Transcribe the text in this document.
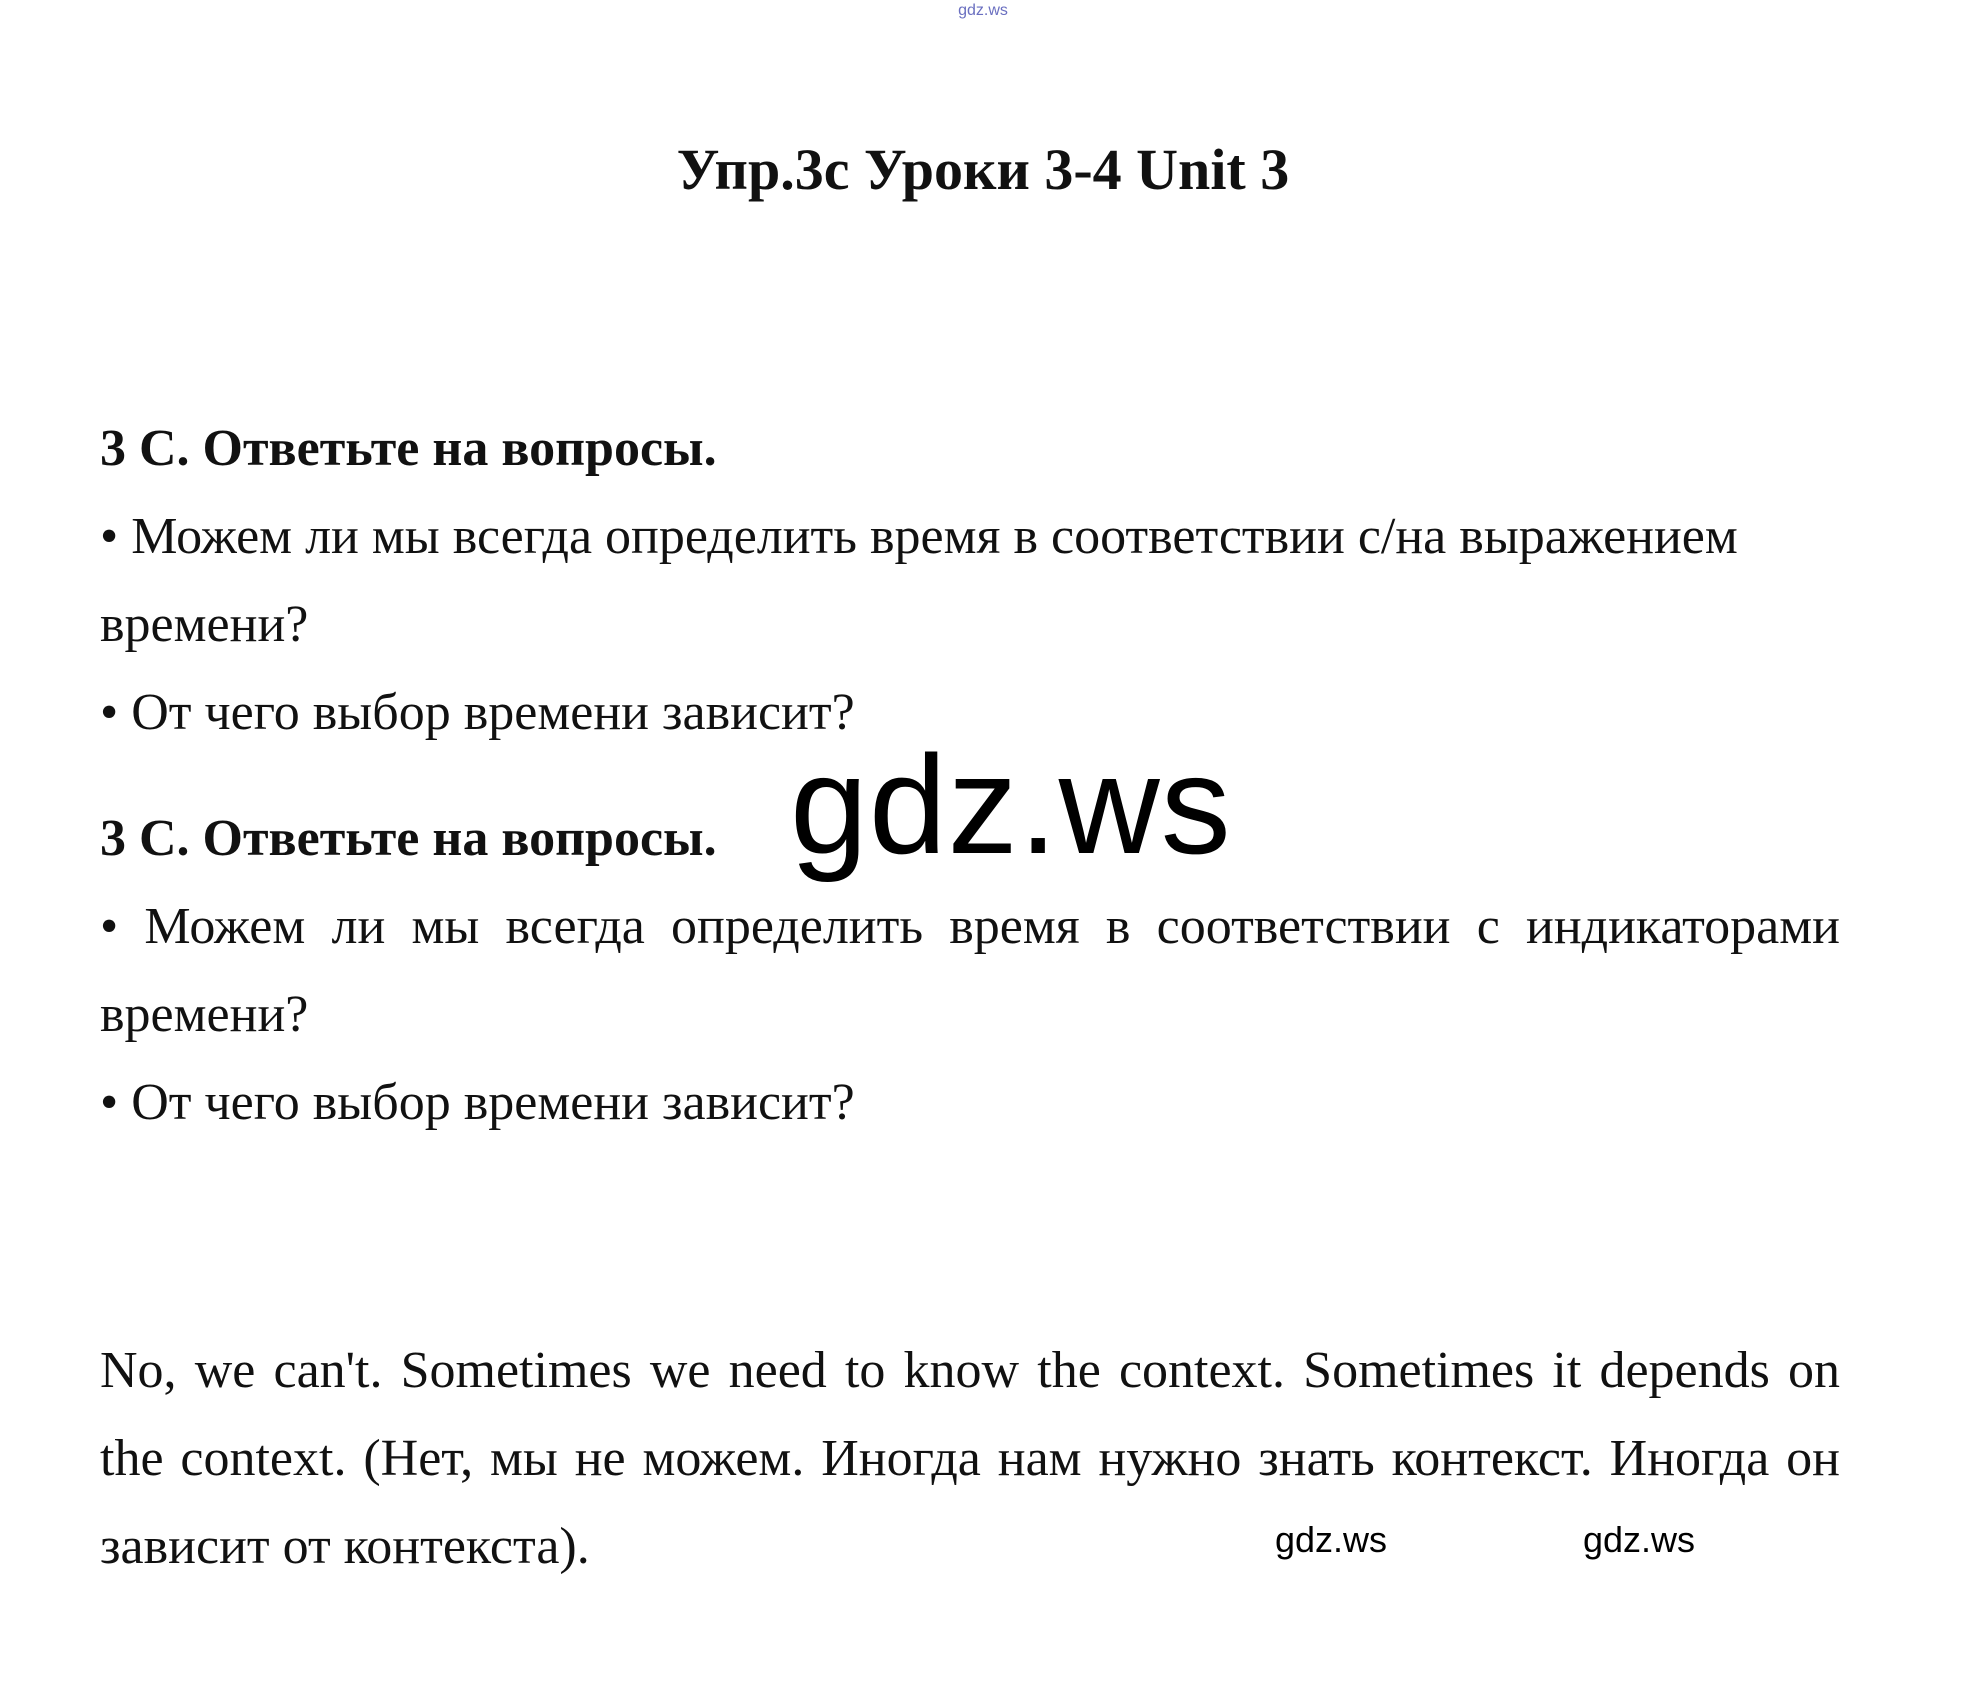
gdz.ws
Упр.3с Уроки 3-4 Unit 3

3 C. Ответьте на вопросы.

• Можем ли мы всегда определить время в соответствии с/на выражением времени?

• От чего выбор времени зависит?

gdz.ws

3 C. Ответьте на вопросы.

• Можем ли мы всегда определить время в соответствии с индикаторами времени?

• От чего выбор времени зависит?

No, we can't. Sometimes we need to know the context. Sometimes it depends on the context. (Нет, мы не можем. Иногда нам нужно знать контекст. Иногда он зависит от контекста).	gdz.ws	gdz.ws
